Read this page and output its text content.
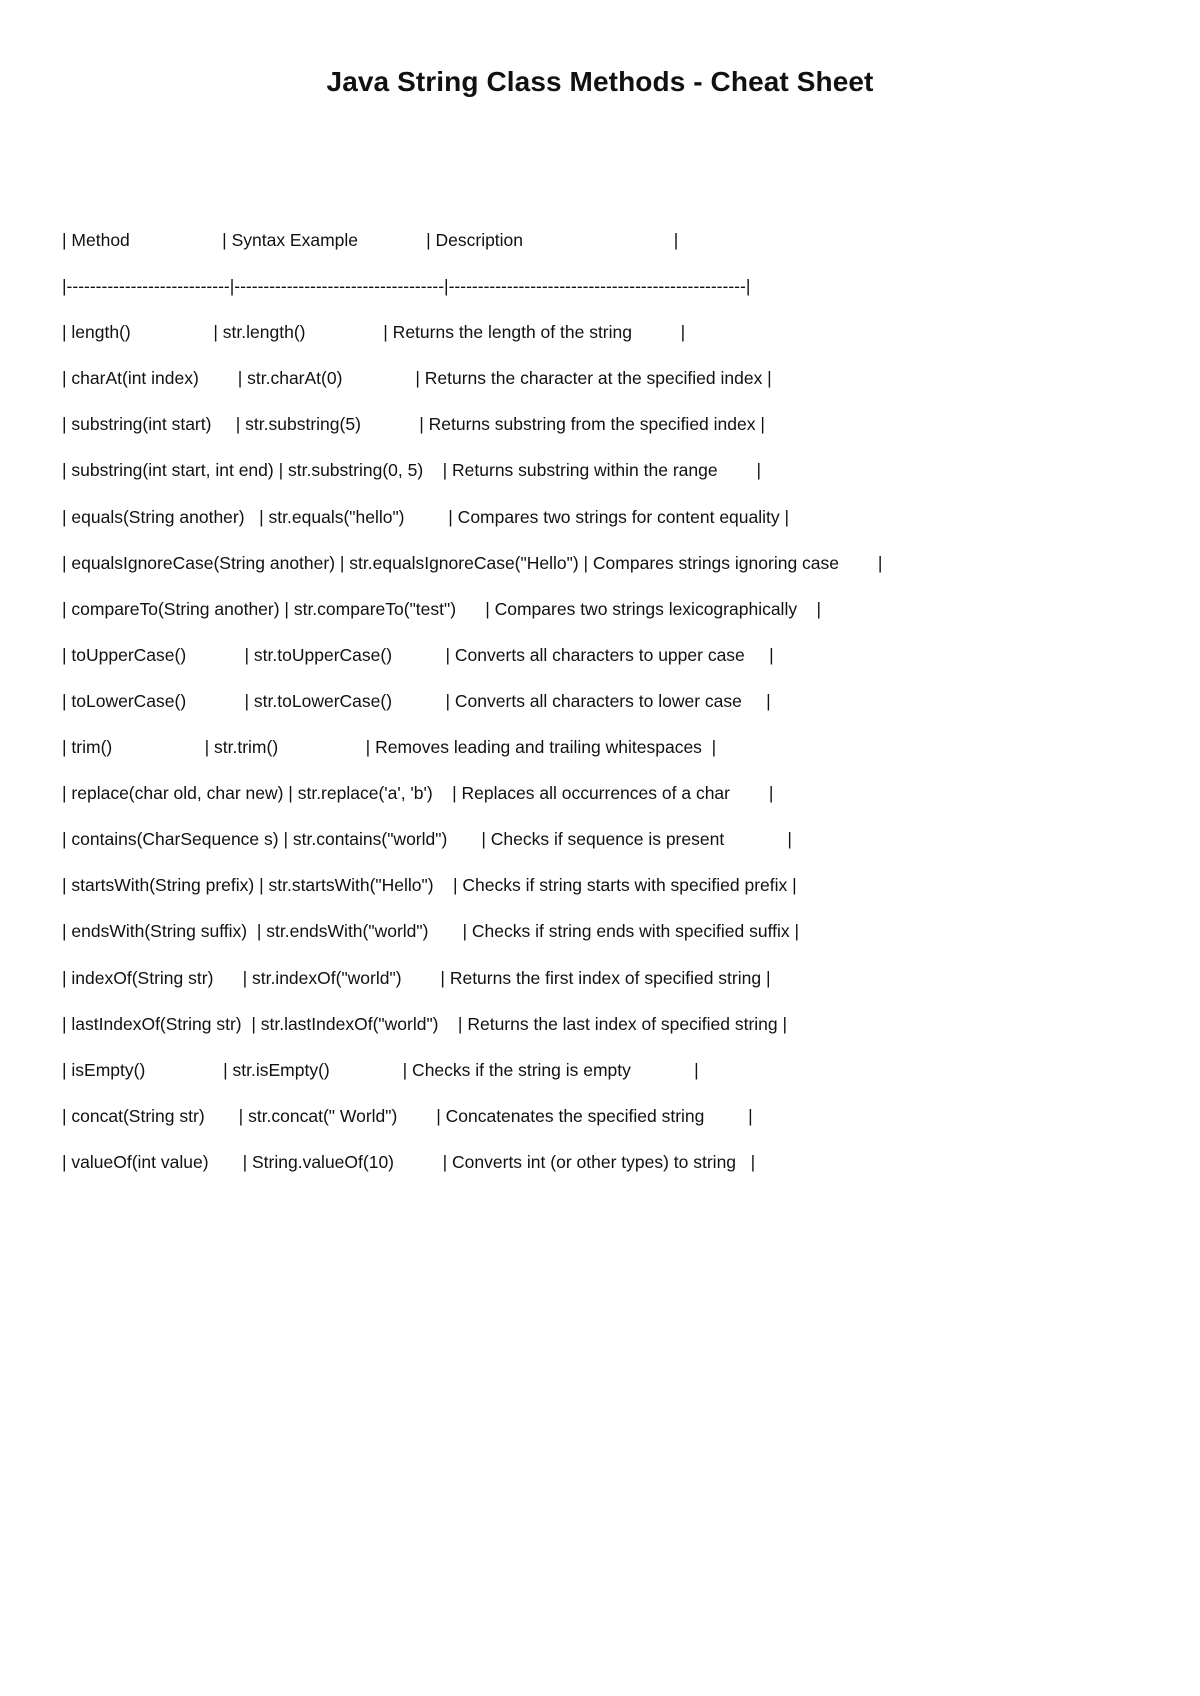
Java String Class Methods - Cheat Sheet
| Method                   | Syntax Example              | Description                               |
|----------------------------|------------------------------------|---------------------------------------------------|
| length()                 | str.length()                | Returns the length of the string          |
| charAt(int index)        | str.charAt(0)               | Returns the character at the specified index |
| substring(int start)     | str.substring(5)            | Returns substring from the specified index |
| substring(int start, int end) | str.substring(0, 5)    | Returns substring within the range        |
| equals(String another)   | str.equals("hello")         | Compares two strings for content equality |
| equalsIgnoreCase(String another) | str.equalsIgnoreCase("Hello") | Compares strings ignoring case        |
| compareTo(String another) | str.compareTo("test")      | Compares two strings lexicographically    |
| toUpperCase()            | str.toUpperCase()           | Converts all characters to upper case     |
| toLowerCase()            | str.toLowerCase()           | Converts all characters to lower case     |
| trim()                   | str.trim()                  | Removes leading and trailing whitespaces  |
| replace(char old, char new) | str.replace('a', 'b')    | Replaces all occurrences of a char        |
| contains(CharSequence s) | str.contains("world")       | Checks if sequence is present             |
| startsWith(String prefix) | str.startsWith("Hello")    | Checks if string starts with specified prefix |
| endsWith(String suffix)  | str.endsWith("world")       | Checks if string ends with specified suffix |
| indexOf(String str)      | str.indexOf("world")        | Returns the first index of specified string |
| lastIndexOf(String str)  | str.lastIndexOf("world")    | Returns the last index of specified string |
| isEmpty()                | str.isEmpty()               | Checks if the string is empty             |
| concat(String str)       | str.concat(" World")        | Concatenates the specified string         |
| valueOf(int value)       | String.valueOf(10)          | Converts int (or other types) to string   |
